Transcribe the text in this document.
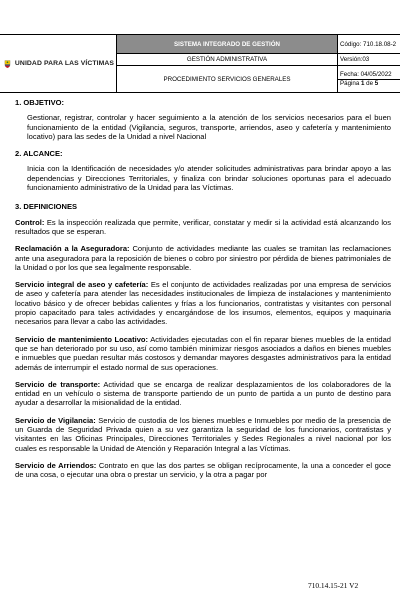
UNIDAD PARA LAS VÍCTIMAS	SISTEMA INTEGRADO DE GESTIÓN	Código: 710.18.08-2
	GESTIÓN ADMINISTRATIVA	Versión:03
	PROCEDIMIENTO SERVICIOS GENERALES	Fecha: 04/05/2022
Página 1 de 5

1. OBJETIVO:

Gestionar, registrar, controlar y hacer seguimiento a la atención de los servicios necesarios para el buen funcionamiento de la entidad (Vigilancia, seguros, transporte, arriendos, aseo y cafetería y mantenimiento locativo) para las sedes de la Unidad a nivel Nacional

2. ALCANCE:

Inicia con la Identificación de necesidades y/o atender solicitudes administrativas para brindar apoyo a las dependencias y Direcciones Territoriales, y finaliza con brindar soluciones oportunas para el adecuado funcionamiento administrativo de la Unidad para las Víctimas.

3. DEFINICIONES

Control: Es la inspección realizada que permite, verificar, constatar y medir si la actividad está alcanzando los resultados que se esperan.

Reclamación a la Aseguradora: Conjunto de actividades mediante las cuales se tramitan las reclamaciones ante una aseguradora para la reposición de bienes o cobro por siniestro por pérdida de bienes patrimoniales de la Unidad o por los que sea legalmente responsable.

Servicio integral de aseo y cafetería: Es el conjunto de actividades realizadas por una empresa de servicios de aseo y cafetería para atender las necesidades institucionales de limpieza de instalaciones y mantenimiento locativo básico y de ofrecer bebidas calientes y frías a los funcionarios, contratistas y visitantes con personal propio capacitado para tales actividades y encargándose de los insumos, elementos, equipos y maquinaria necesarios para llevar a cabo las actividades.

Servicio de mantenimiento Locativo: Actividades ejecutadas con el fin reparar bienes muebles de la entidad que se han deteriorado por su uso, así como también minimizar riesgos asociados a daños en bienes muebles e inmuebles que puedan resultar más costosos y demandar mayores desgastes administrativos para la entidad además de interrumpir el estado normal de sus operaciones.

Servicio de transporte: Actividad que se encarga de realizar desplazamientos de los colaboradores de la entidad en un vehículo o sistema de transporte partiendo de un punto de partida a un punto de destino para ayudar a desarrollar la misionalidad de la entidad.

Servicio de Vigilancia: Servicio de custodia de los bienes muebles e Inmuebles por medio de la presencia de un Guarda de Seguridad Privada quien a su vez garantiza la seguridad de los funcionarios, contratistas y visitantes en las Oficinas Principales, Direcciones Territoriales y Sedes Regionales a nivel nacional por los cuales es responsable la Unidad de Atención y Reparación Integral a las Víctimas.

Servicio de Arriendos: Contrato en que las dos partes se obligan recíprocamente, la una a conceder el goce de una cosa, o ejecutar una obra o prestar un servicio, y la otra a pagar por

710.14.15-21 V2
